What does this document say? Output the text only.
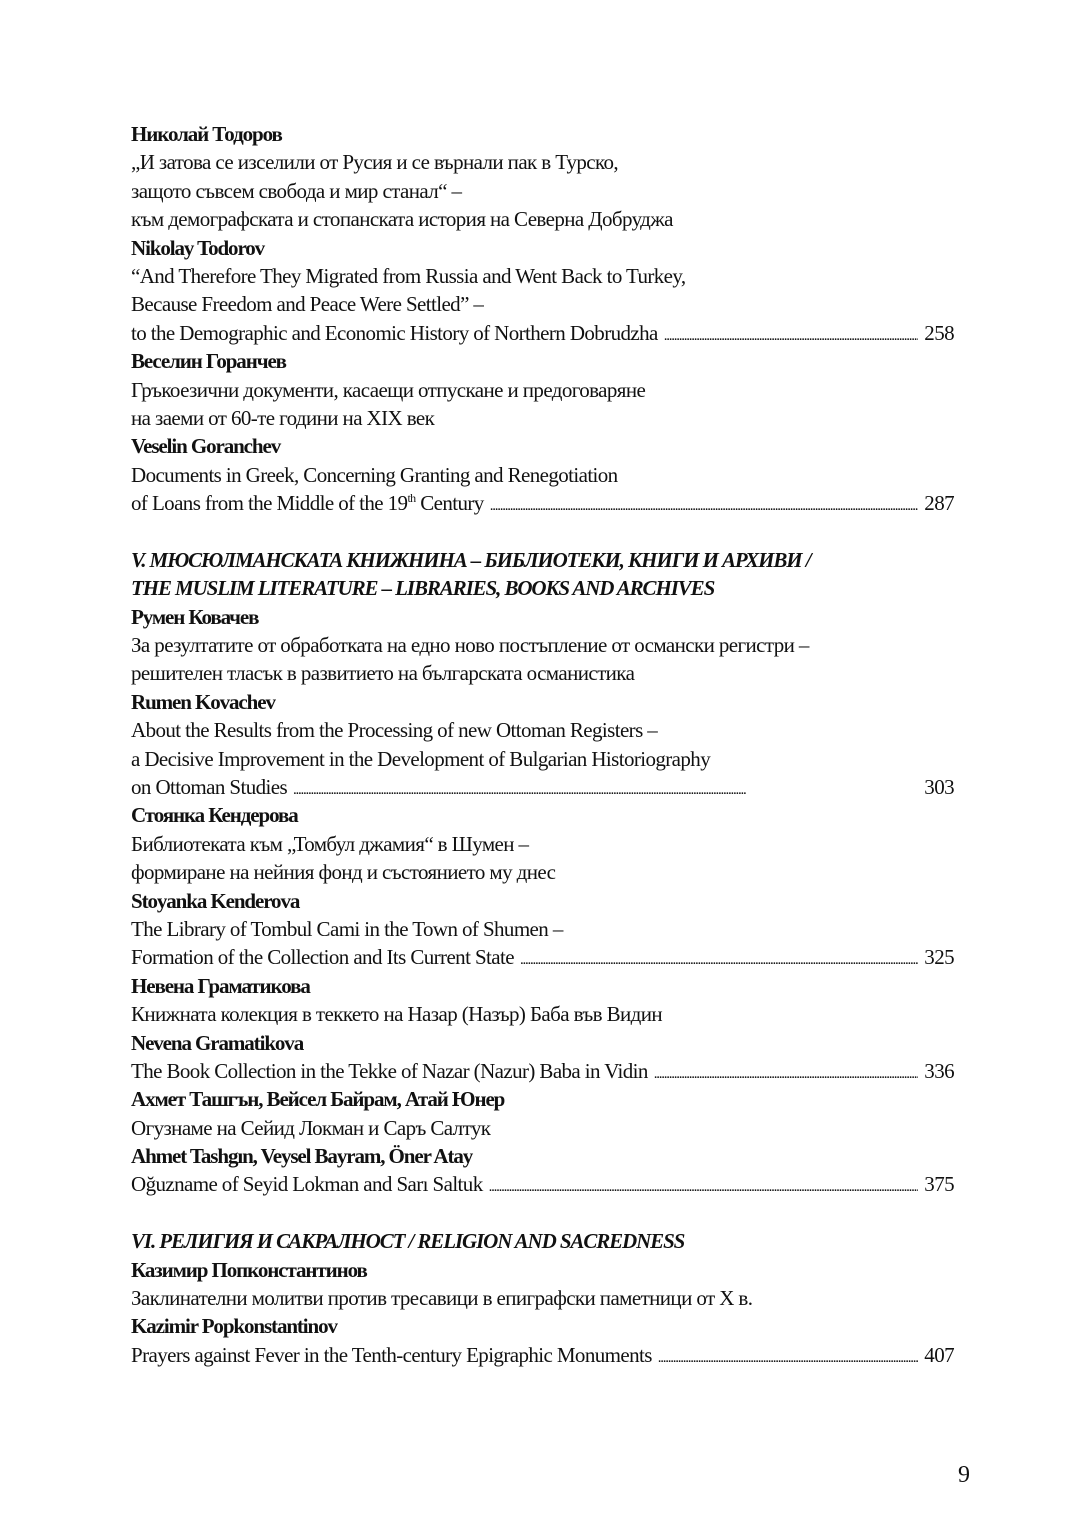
Николай Тодоров
„И затова се изселили от Русия и се върнали пак в Турско,
защото съвсем свобода и мир станал“ –
към демографската и стопанската история на Северна Добруджа
Nikolay Todorov
“And Therefore They Migrated from Russia and Went Back to Turkey,
Because Freedom and Peace Were Settled” –
to the Demographic and Economic History of Northern Dobrudzha . . .	258
Веселин Горанчев
Гръкоезични документи, касаещи отпускане и предоговаряне
на заеми от 60-те години на XIX век
Veselin Goranchev
Documents in Greek, Concerning Granting and Renegotiation
of Loans from the Middle of the 19th Century . . .	287
V. МЮСЮЛМАНСКАТА КНИЖНИНА – БИБЛИОТЕКИ, КНИГИ И АРХИВИ /
THE MUSLIM LITERATURE – LIBRARIES, BOOKS AND ARCHIVES
Румен Ковачев
За резултатите от обработката на едно ново постъпление от османски регистри –
решителен тласък в развитието на българската османистика
Rumen Kovachev
About the Results from the Processing of new Ottoman Registers –
a Decisive Improvement in the Development of Bulgarian Historiography
on Ottoman Studies . . .	303
Стоянка Кендерова
Библиотеката към „Томбул джамия“ в Шумен –
формиране на нейния фонд и състоянието му днес
Stoyanka Kenderova
The Library of Tombul Cami in the Town of Shumen –
Formation of the Collection and Its Current State . . .	325
Невена Граматикова
Книжната колекция в теккето на Назар (Назър) Баба във Видин
Nevena Gramatikova
The Book Collection in the Tekke of Nazar (Nazur) Baba in Vidin . . .	336
Ахмет Ташгън, Вейсел Байрам, Атай Юнер
Огузнаме на Сейид Локман и Саръ Салтук
Ahmet Tashgın, Veysel Bayram, Öner Atay
Oğuzname of Seyid Lokman and Sarı Saltuk . . .	375
VI. РЕЛИГИЯ И САКРАЛНОСТ / RELIGION AND SACREDNESS
Казимир Попконстантинов
Заклинателни молитви против тресавици в епиграфски паметници от Х в.
Kazimir Popkonstantinov
Prayers against Fever in the Tenth-century Epigraphic Monuments . . .	407
9
